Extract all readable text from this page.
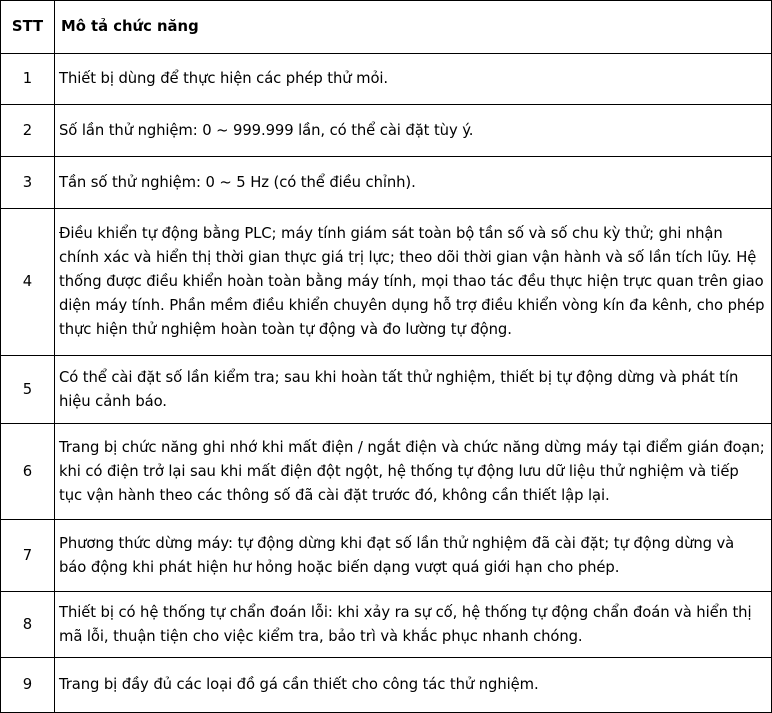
STT	Mô tả chức năng
1	Thiết bị dùng để thực hiện các phép thử mỏi.
2	Số lần thử nghiệm: 0 ~ 999.999 lần, có thể cài đặt tùy ý.
3	Tần số thử nghiệm: 0 ~ 5 Hz (có thể điều chỉnh).
4	Điều khiển tự động bằng PLC; máy tính giám sát toàn bộ tần số và số chu kỳ thử; ghi nhận chính xác và hiển thị thời gian thực giá trị lực; theo dõi thời gian vận hành và số lần tích lũy. Hệ thống được điều khiển hoàn toàn bằng máy tính, mọi thao tác đều thực hiện trực quan trên giao diện máy tính. Phần mềm điều khiển chuyên dụng hỗ trợ điều khiển vòng kín đa kênh, cho phép thực hiện thử nghiệm hoàn toàn tự động và đo lường tự động.
5	Có thể cài đặt số lần kiểm tra; sau khi hoàn tất thử nghiệm, thiết bị tự động dừng và phát tín hiệu cảnh báo.
6	Trang bị chức năng ghi nhớ khi mất điện / ngắt điện và chức năng dừng máy tại điểm gián đoạn; khi có điện trở lại sau khi mất điện đột ngột, hệ thống tự động lưu dữ liệu thử nghiệm và tiếp tục vận hành theo các thông số đã cài đặt trước đó, không cần thiết lập lại.
7	Phương thức dừng máy: tự động dừng khi đạt số lần thử nghiệm đã cài đặt; tự động dừng và báo động khi phát hiện hư hỏng hoặc biến dạng vượt quá giới hạn cho phép.
8	Thiết bị có hệ thống tự chẩn đoán lỗi: khi xảy ra sự cố, hệ thống tự động chẩn đoán và hiển thị mã lỗi, thuận tiện cho việc kiểm tra, bảo trì và khắc phục nhanh chóng.
9	Trang bị đầy đủ các loại đồ gá cần thiết cho công tác thử nghiệm.
